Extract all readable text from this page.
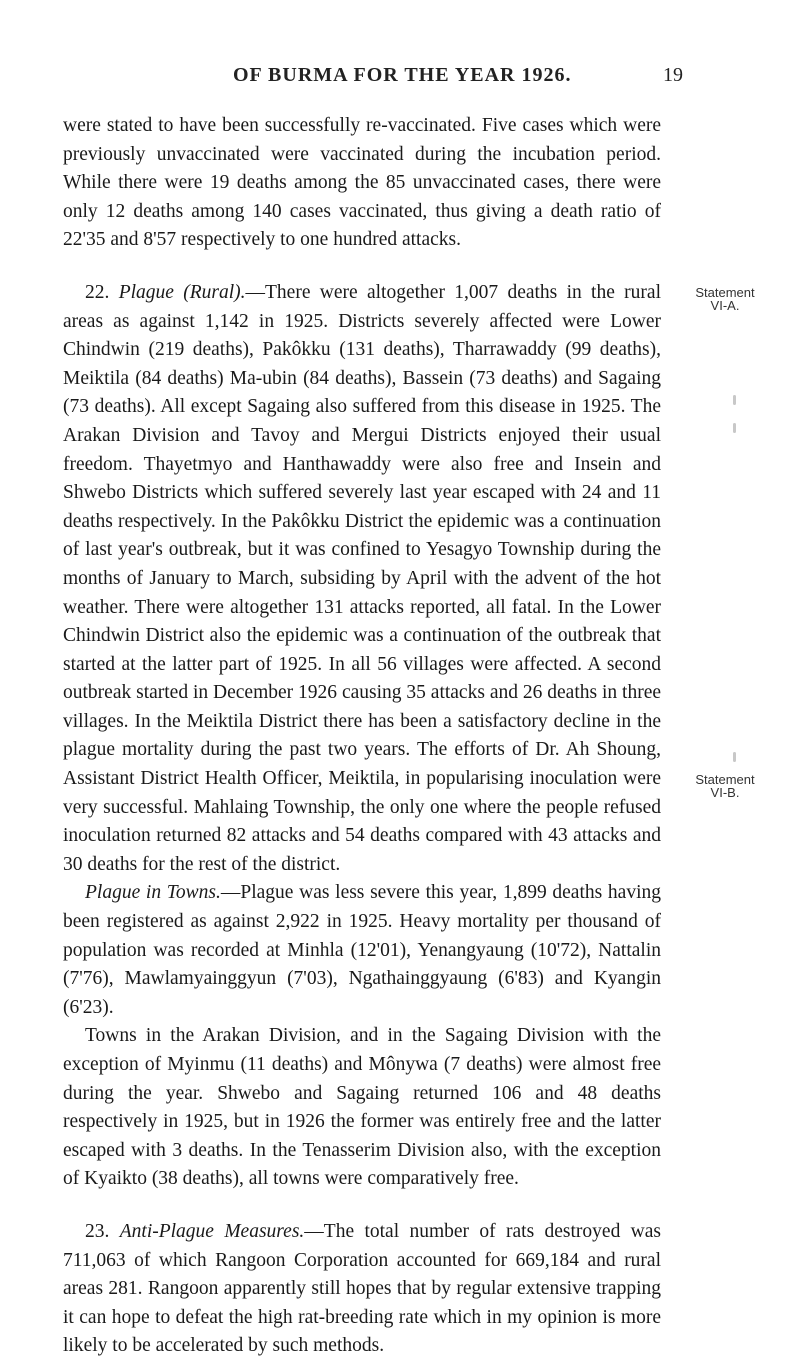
OF BURMA FOR THE YEAR 1926.	19

were stated to have been successfully re-vaccinated. Five cases which were previously unvaccinated were vaccinated during the incubation period. While there were 19 deaths among the 85 unvaccinated cases, there were only 12 deaths among 140 cases vaccinated, thus giving a death ratio of 22'35 and 8'57 respectively to one hundred attacks.

22. Plague (Rural).—There were altogether 1,007 deaths in the rural areas as against 1,142 in 1925. Districts severely affected were Lower Chindwin (219 deaths), Pakôkku (131 deaths), Tharrawaddy (99 deaths), Meiktila (84 deaths) Ma-ubin (84 deaths), Bassein (73 deaths) and Sagaing (73 deaths). All except Sagaing also suffered from this disease in 1925. The Arakan Division and Tavoy and Mergui Districts enjoyed their usual freedom. Thayetmyo and Hanthawaddy were also free and Insein and Shwebo Districts which suffered severely last year escaped with 24 and 11 deaths respectively. In the Pakôkku District the epidemic was a continuation of last year's outbreak, but it was confined to Yesagyo Township during the months of January to March, subsiding by April with the advent of the hot weather. There were altogether 131 attacks reported, all fatal. In the Lower Chindwin District also the epidemic was a continuation of the outbreak that started at the latter part of 1925. In all 56 villages were affected. A second outbreak started in December 1926 causing 35 attacks and 26 deaths in three villages. In the Meiktila District there has been a satisfactory decline in the plague mortality during the past two years. The efforts of Dr. Ah Shoung, Assistant District Health Officer, Meiktila, in popularising inoculation were very successful. Mahlaing Township, the only one where the people refused inoculation returned 82 attacks and 54 deaths compared with 43 attacks and 30 deaths for the rest of the district.

Plague in Towns.—Plague was less severe this year, 1,899 deaths having been registered as against 2,922 in 1925. Heavy mortality per thousand of population was recorded at Minhla (12'01), Yenangyaung (10'72), Nattalin (7'76), Mawlamyainggyun (7'03), Ngathainggyaung (6'83) and Kyangin (6'23).

Towns in the Arakan Division, and in the Sagaing Division with the exception of Myinmu (11 deaths) and Mônywa (7 deaths) were almost free during the year. Shwebo and Sagaing returned 106 and 48 deaths respectively in 1925, but in 1926 the former was entirely free and the latter escaped with 3 deaths. In the Tenasserim Division also, with the exception of Kyaikto (38 deaths), all towns were comparatively free.

23. Anti-Plague Measures.—The total number of rats destroyed was 711,063 of which Rangoon Corporation accounted for 669,184 and rural areas 281. Rangoon apparently still hopes that by regular extensive trapping it can hope to defeat the high rat-breeding rate which in my opinion is more likely to be accelerated by such methods.

Statement
VI-A.
Statement
VI-B.
